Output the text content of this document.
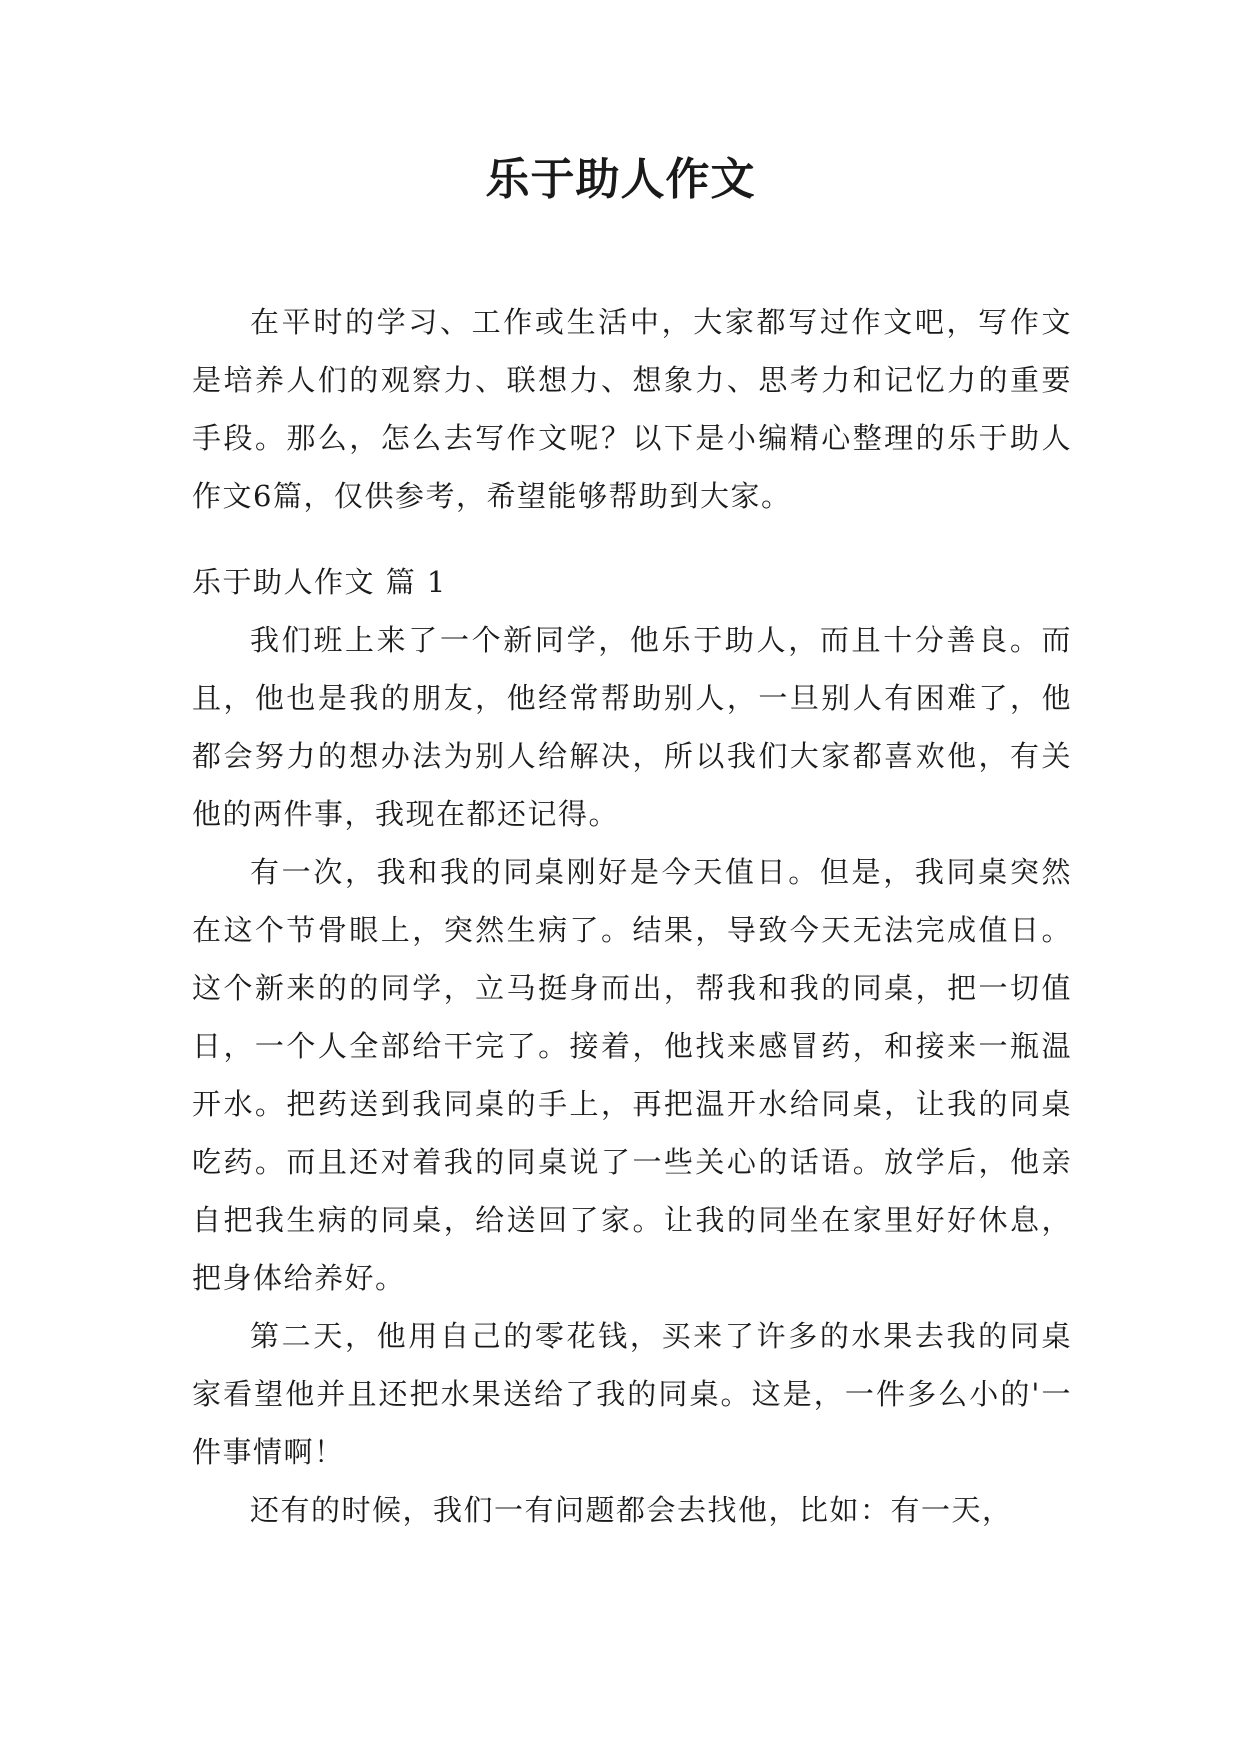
乐于助人作文

在平时的学习、工作或生活中，大家都写过作文吧，写作文是培养人们的观察力、联想力、想象力、思考力和记忆力的重要手段。那么，怎么去写作文呢？以下是小编精心整理的乐于助人作文6篇，仅供参考，希望能够帮助到大家。

乐于助人作文 篇 1

我们班上来了一个新同学，他乐于助人，而且十分善良。而且，他也是我的朋友，他经常帮助别人，一旦别人有困难了，他都会努力的想办法为别人给解决，所以我们大家都喜欢他，有关他的两件事，我现在都还记得。

有一次，我和我的同桌刚好是今天值日。但是，我同桌突然在这个节骨眼上，突然生病了。结果，导致今天无法完成值日。这个新来的的同学，立马挺身而出，帮我和我的同桌，把一切值日，一个人全部给干完了。接着，他找来感冒药，和接来一瓶温开水。把药送到我同桌的手上，再把温开水给同桌，让我的同桌吃药。而且还对着我的同桌说了一些关心的话语。放学后，他亲自把我生病的同桌，给送回了家。让我的同坐在家里好好休息，把身体给养好。

第二天，他用自己的零花钱，买来了许多的水果去我的同桌家看望他并且还把水果送给了我的同桌。这是，一件多么小的'一件事情啊！

还有的时候，我们一有问题都会去找他，比如：有一天，
